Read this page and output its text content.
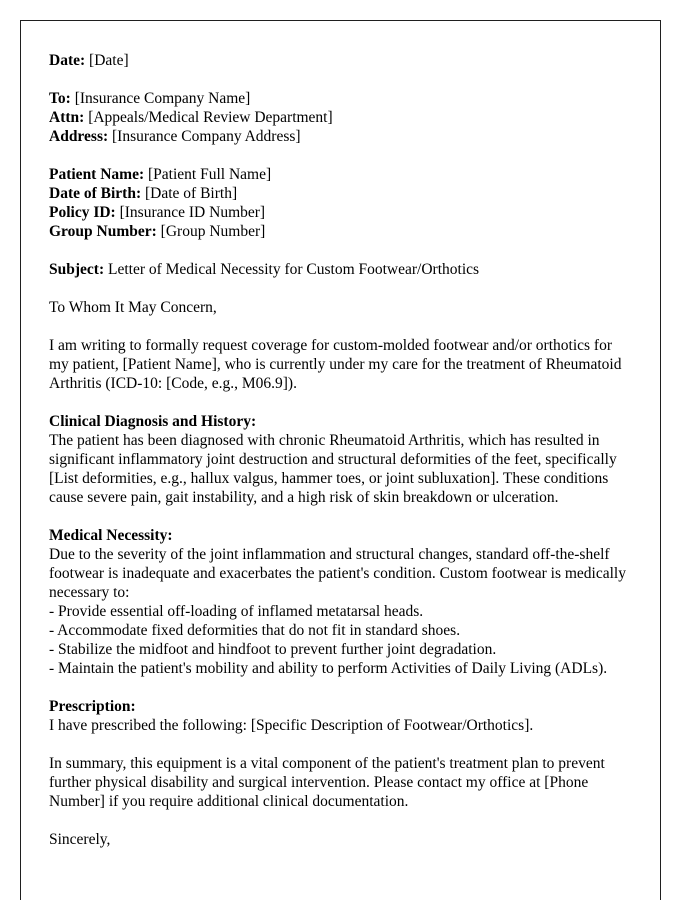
Date: [Date]
To: [Insurance Company Name]
Attn: [Appeals/Medical Review Department]
Address: [Insurance Company Address]
Patient Name: [Patient Full Name]
Date of Birth: [Date of Birth]
Policy ID: [Insurance ID Number]
Group Number: [Group Number]
Subject: Letter of Medical Necessity for Custom Footwear/Orthotics

To Whom It May Concern,

I am writing to formally request coverage for custom-molded footwear and/or orthotics for my patient, [Patient Name], who is currently under my care for the treatment of Rheumatoid Arthritis (ICD-10: [Code, e.g., M06.9]).

Clinical Diagnosis and History:
The patient has been diagnosed with chronic Rheumatoid Arthritis, which has resulted in significant inflammatory joint destruction and structural deformities of the feet, specifically [List deformities, e.g., hallux valgus, hammer toes, or joint subluxation]. These conditions cause severe pain, gait instability, and a high risk of skin breakdown or ulceration.
Medical Necessity:
Due to the severity of the joint inflammation and structural changes, standard off-the-shelf footwear is inadequate and exacerbates the patient's condition. Custom footwear is medically necessary to:
- Provide essential off-loading of inflamed metatarsal heads.
- Accommodate fixed deformities that do not fit in standard shoes.
- Stabilize the midfoot and hindfoot to prevent further joint degradation.
- Maintain the patient's mobility and ability to perform Activities of Daily Living (ADLs).
Prescription:
I have prescribed the following: [Specific Description of Footwear/Orthotics].

In summary, this equipment is a vital component of the patient's treatment plan to prevent further physical disability and surgical intervention. Please contact my office at [Phone Number] if you require additional clinical documentation.

Sincerely,
